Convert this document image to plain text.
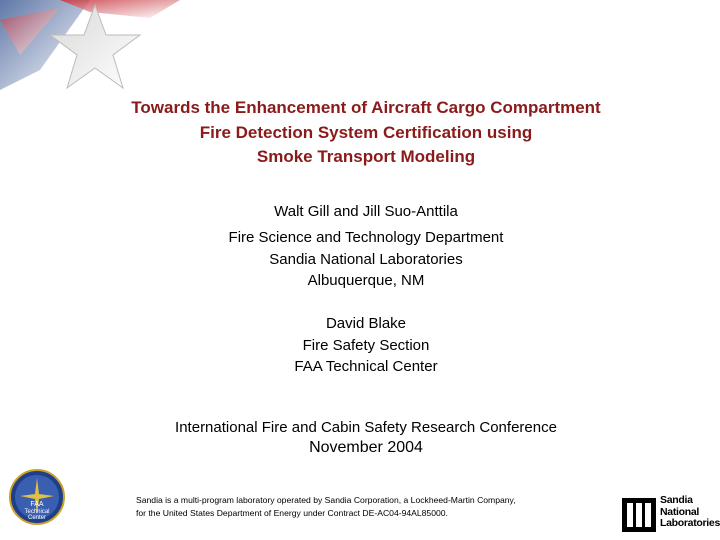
Towards the Enhancement of Aircraft Cargo Compartment
Fire Detection System Certification using
Smoke Transport Modeling
Walt Gill and Jill Suo-Anttila
Fire Science and Technology Department
Sandia National Laboratories
Albuquerque, NM
David Blake
Fire Safety Section
FAA Technical Center
International Fire and Cabin Safety Research Conference
November 2004
FAA
Technical
Center
Sandia is a multi-program laboratory operated by Sandia Corporation, a Lockheed-Martin Company,
for the United States Department of Energy under Contract DE-AC04-94AL85000.
Sandia
National
Laboratories
